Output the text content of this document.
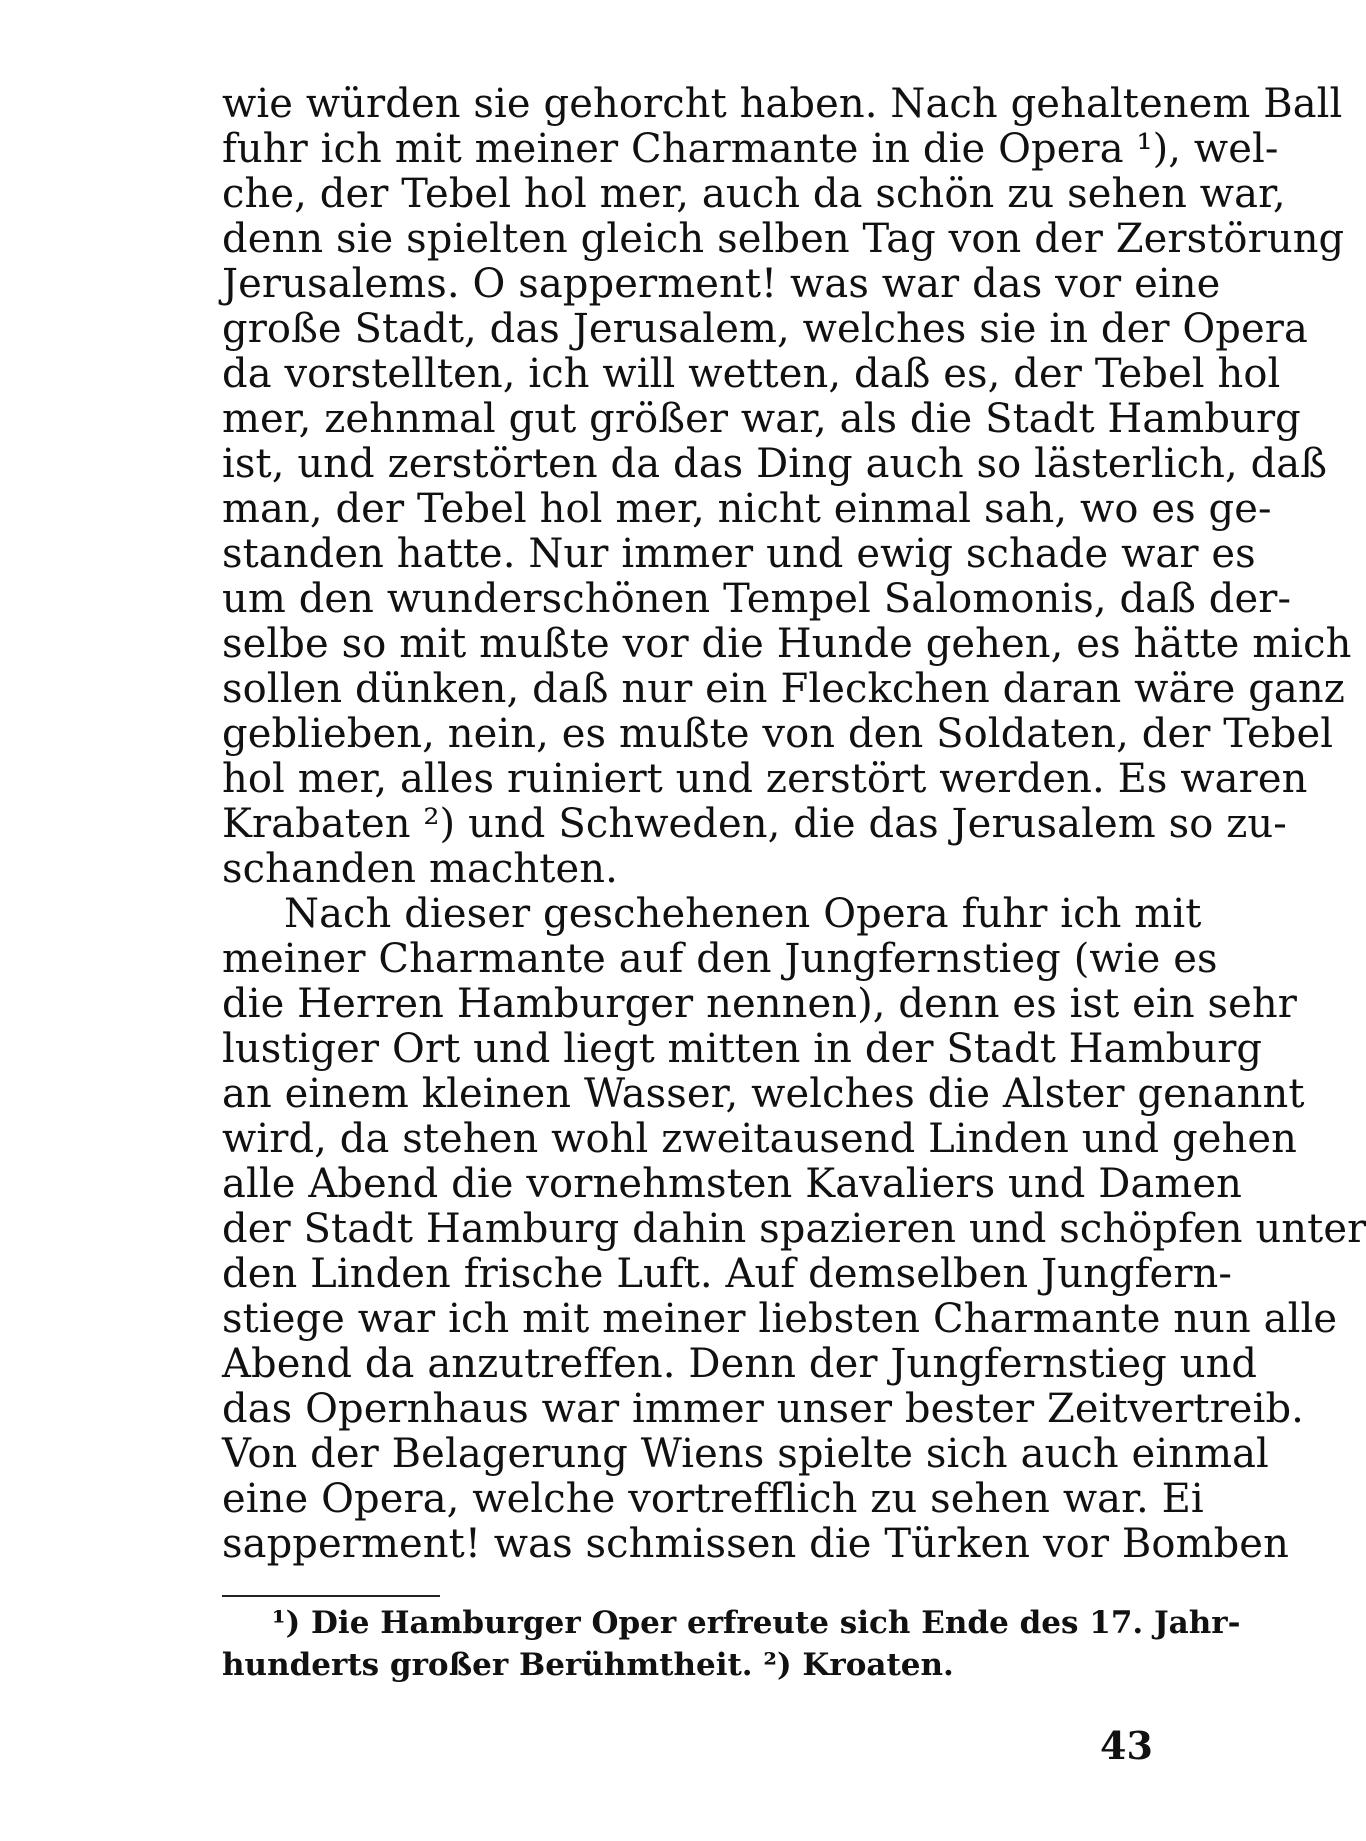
wie würden sie gehorcht haben. Nach gehaltenem Ball
fuhr ich mit meiner Charmante in die Opera ¹), wel-
che, der Tebel hol mer, auch da schön zu sehen war,
denn sie spielten gleich selben Tag von der Zerstörung
Jerusalems. O sapperment! was war das vor eine
große Stadt, das Jerusalem, welches sie in der Opera
da vorstellten, ich will wetten, daß es, der Tebel hol
mer, zehnmal gut größer war, als die Stadt Hamburg
ist, und zerstörten da das Ding auch so lästerlich, daß
man, der Tebel hol mer, nicht einmal sah, wo es ge-
standen hatte. Nur immer und ewig schade war es
um den wunderschönen Tempel Salomonis, daß der-
selbe so mit mußte vor die Hunde gehen, es hätte mich
sollen dünken, daß nur ein Fleckchen daran wäre ganz
geblieben, nein, es mußte von den Soldaten, der Tebel
hol mer, alles ruiniert und zerstört werden. Es waren
Krabaten ²) und Schweden, die das Jerusalem so zu-
schanden machten.
Nach dieser geschehenen Opera fuhr ich mit
meiner Charmante auf den Jungfernstieg (wie es
die Herren Hamburger nennen), denn es ist ein sehr
lustiger Ort und liegt mitten in der Stadt Hamburg
an einem kleinen Wasser, welches die Alster genannt
wird, da stehen wohl zweitausend Linden und gehen
alle Abend die vornehmsten Kavaliers und Damen
der Stadt Hamburg dahin spazieren und schöpfen unter
den Linden frische Luft. Auf demselben Jungfern-
stiege war ich mit meiner liebsten Charmante nun alle
Abend da anzutreffen. Denn der Jungfernstieg und
das Opernhaus war immer unser bester Zeitvertreib.
Von der Belagerung Wiens spielte sich auch einmal
eine Opera, welche vortrefflich zu sehen war. Ei
sapperment! was schmissen die Türken vor Bomben
¹) Die Hamburger Oper erfreute sich Ende des 17. Jahr-
hunderts großer Berühmtheit. ²) Kroaten.
43
